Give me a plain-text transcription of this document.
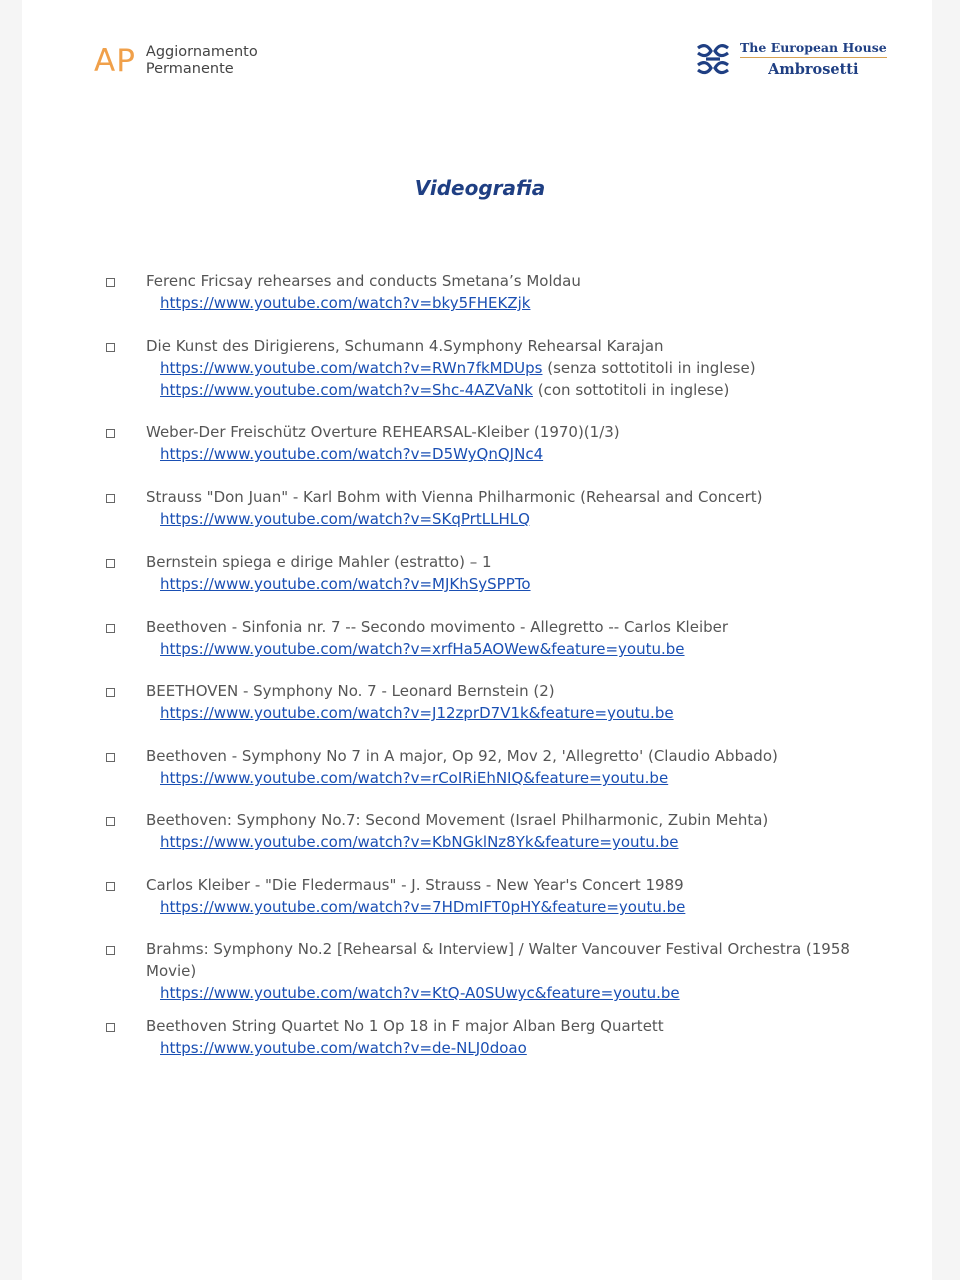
AP Aggiornamento
Permanente
The European House
Ambrosetti
Videografia
Ferenc Fricsay rehearses and conducts Smetana’s Moldau
https://www.youtube.com/watch?v=bky5FHEKZjk
Die Kunst des Dirigierens, Schumann 4.Symphony Rehearsal Karajan
https://www.youtube.com/watch?v=RWn7fkMDUps (senza sottotitoli in inglese)
https://www.youtube.com/watch?v=Shc-4AZVaNk (con sottotitoli in inglese)
Weber-Der Freischütz Overture REHEARSAL-Kleiber (1970)(1/3)
https://www.youtube.com/watch?v=D5WyQnQJNc4
Strauss "Don Juan" - Karl Bohm with Vienna Philharmonic (Rehearsal and Concert)
https://www.youtube.com/watch?v=SKqPrtLLHLQ
Bernstein spiega e dirige Mahler (estratto) – 1
https://www.youtube.com/watch?v=MJKhSySPPTo
Beethoven - Sinfonia nr. 7 -- Secondo movimento - Allegretto -- Carlos Kleiber
https://www.youtube.com/watch?v=xrfHa5AOWew&feature=youtu.be
BEETHOVEN - Symphony No. 7 - Leonard Bernstein (2)
https://www.youtube.com/watch?v=J12zprD7V1k&feature=youtu.be
Beethoven - Symphony No 7 in A major, Op 92, Mov 2, 'Allegretto' (Claudio Abbado)
https://www.youtube.com/watch?v=rCoIRiEhNIQ&feature=youtu.be
Beethoven: Symphony No.7: Second Movement (Israel Philharmonic, Zubin Mehta)
https://www.youtube.com/watch?v=KbNGklNz8Yk&feature=youtu.be
Carlos Kleiber - "Die Fledermaus" - J. Strauss - New Year's Concert 1989
https://www.youtube.com/watch?v=7HDmIFT0pHY&feature=youtu.be
Brahms: Symphony No.2 [Rehearsal & Interview] / Walter Vancouver Festival Orchestra (1958 Movie)
https://www.youtube.com/watch?v=KtQ-A0SUwyc&feature=youtu.be
Beethoven String Quartet No 1 Op 18 in F major Alban Berg Quartett
https://www.youtube.com/watch?v=de-NLJ0doao
